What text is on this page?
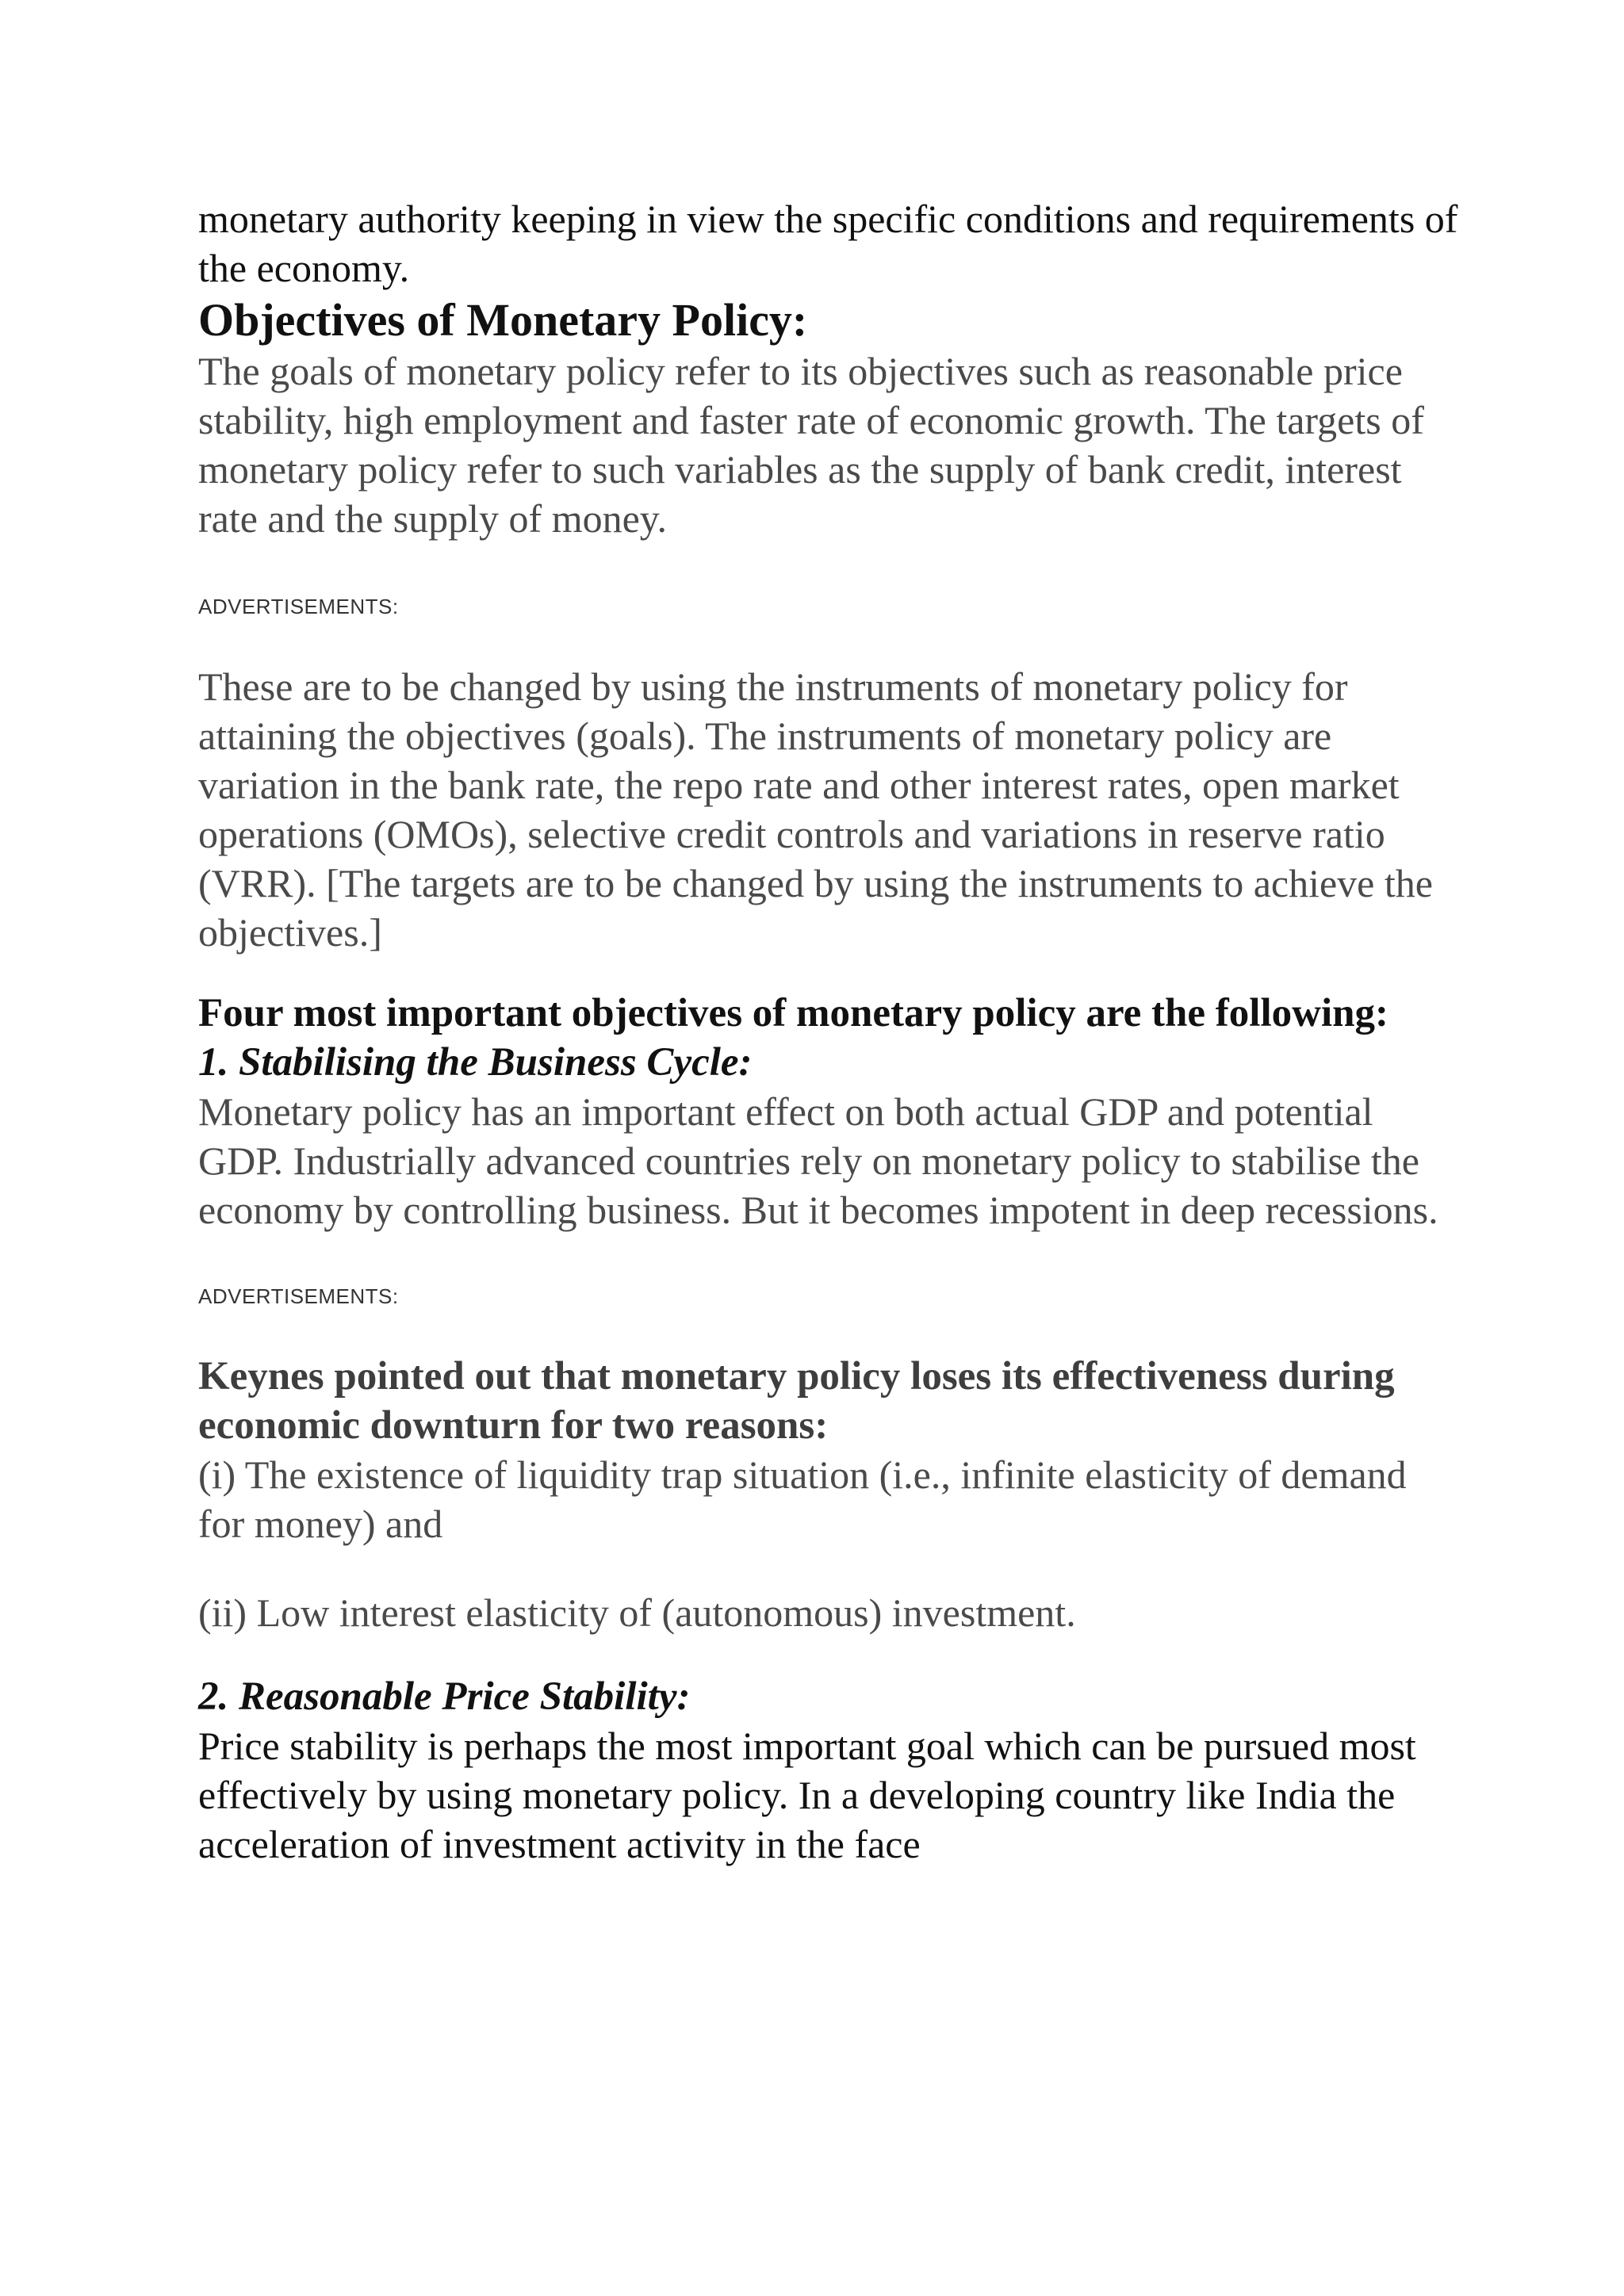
monetary authority keeping in view the specific conditions and requirements of the economy.

Objectives of Monetary Policy:

The goals of monetary policy refer to its objectives such as reasonable price stability, high employment and faster rate of economic growth. The targets of monetary policy refer to such variables as the supply of bank credit, interest rate and the supply of money.

ADVERTISEMENTS:

These are to be changed by using the instruments of monetary policy for attaining the objectives (goals). The instruments of monetary policy are variation in the bank rate, the repo rate and other interest rates, open market operations (OMOs), selective credit controls and variations in reserve ratio (VRR). [The targets are to be changed by using the instruments to achieve the objectives.]

Four most important objectives of monetary policy are the following:
1. Stabilising the Business Cycle:

Monetary policy has an important effect on both actual GDP and potential GDP. Industrially advanced countries rely on monetary policy to stabilise the economy by controlling business. But it becomes impotent in deep recessions.

ADVERTISEMENTS:
Keynes pointed out that monetary policy loses its effectiveness during economic downturn for two reasons:

(i) The existence of liquidity trap situation (i.e., infinite elasticity of demand for money) and

(ii) Low interest elasticity of (autonomous) investment.

2. Reasonable Price Stability:

Price stability is perhaps the most important goal which can be pursued most effectively by using monetary policy. In a developing country like India the acceleration of investment activity in the face
